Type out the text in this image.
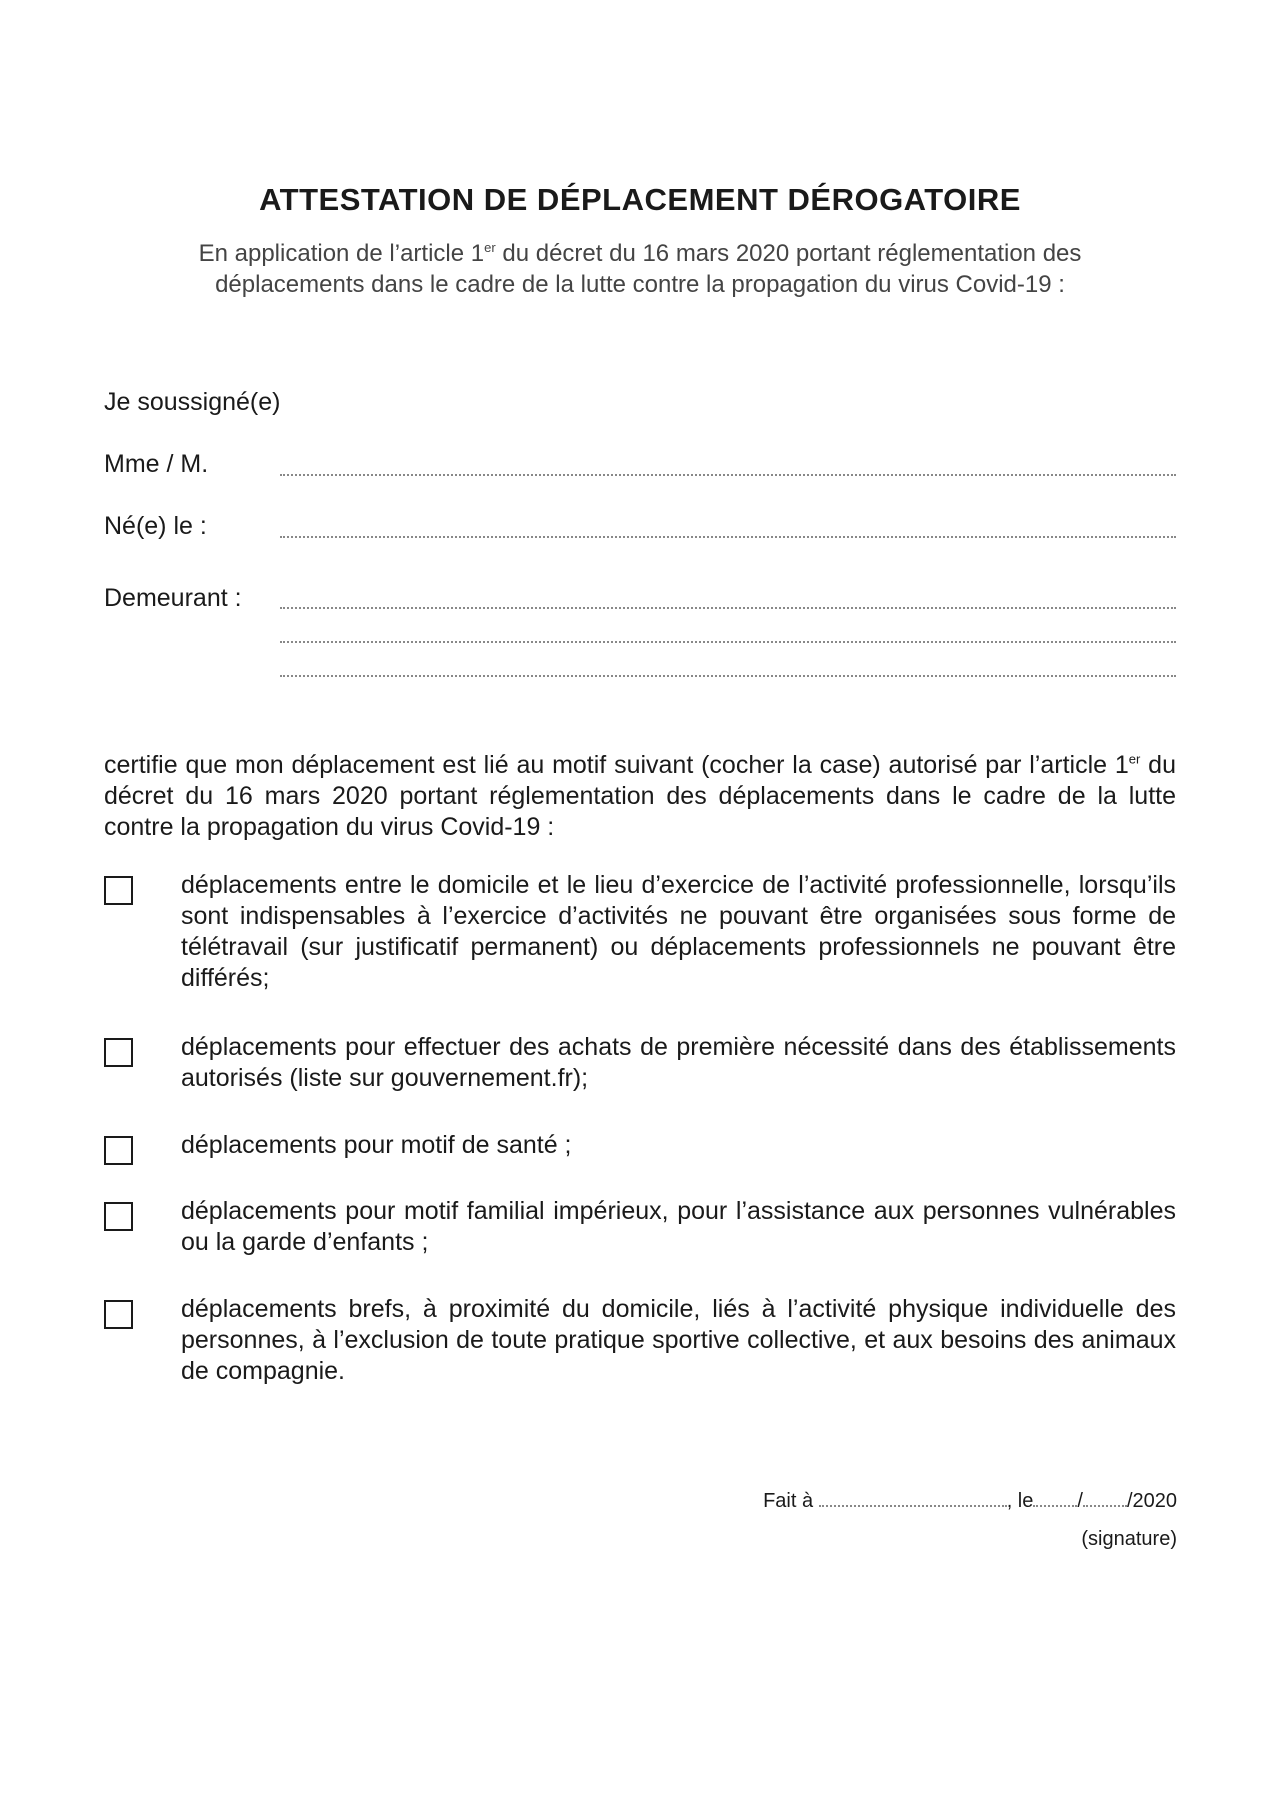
ATTESTATION DE DÉPLACEMENT DÉROGATOIRE
En application de l’article 1er du décret du 16 mars 2020 portant réglementation des déplacements dans le cadre de la lutte contre la propagation du virus Covid-19 :
Je soussigné(e)
Mme / M.
Né(e) le :
Demeurant :
certifie que mon déplacement est lié au motif suivant (cocher la case) autorisé par l’article 1er du décret du 16 mars 2020 portant réglementation des déplacements dans le cadre de la lutte contre la propagation du virus Covid-19 :
déplacements entre le domicile et le lieu d’exercice de l’activité professionnelle, lorsqu’ils sont indispensables à l’exercice d’activités ne pouvant être organisées sous forme de télétravail (sur justificatif permanent) ou déplacements professionnels ne pouvant être différés;
déplacements pour effectuer des achats de première nécessité dans des établissements autorisés (liste sur gouvernement.fr);
déplacements pour motif de santé ;
déplacements pour motif familial impérieux, pour l’assistance aux personnes vulnérables ou la garde d’enfants ;
déplacements brefs, à proximité du domicile, liés à l’activité physique individuelle des personnes, à l’exclusion de toute pratique sportive collective, et aux besoins des animaux de compagnie.
Fait à	, le / /2020
(signature)
